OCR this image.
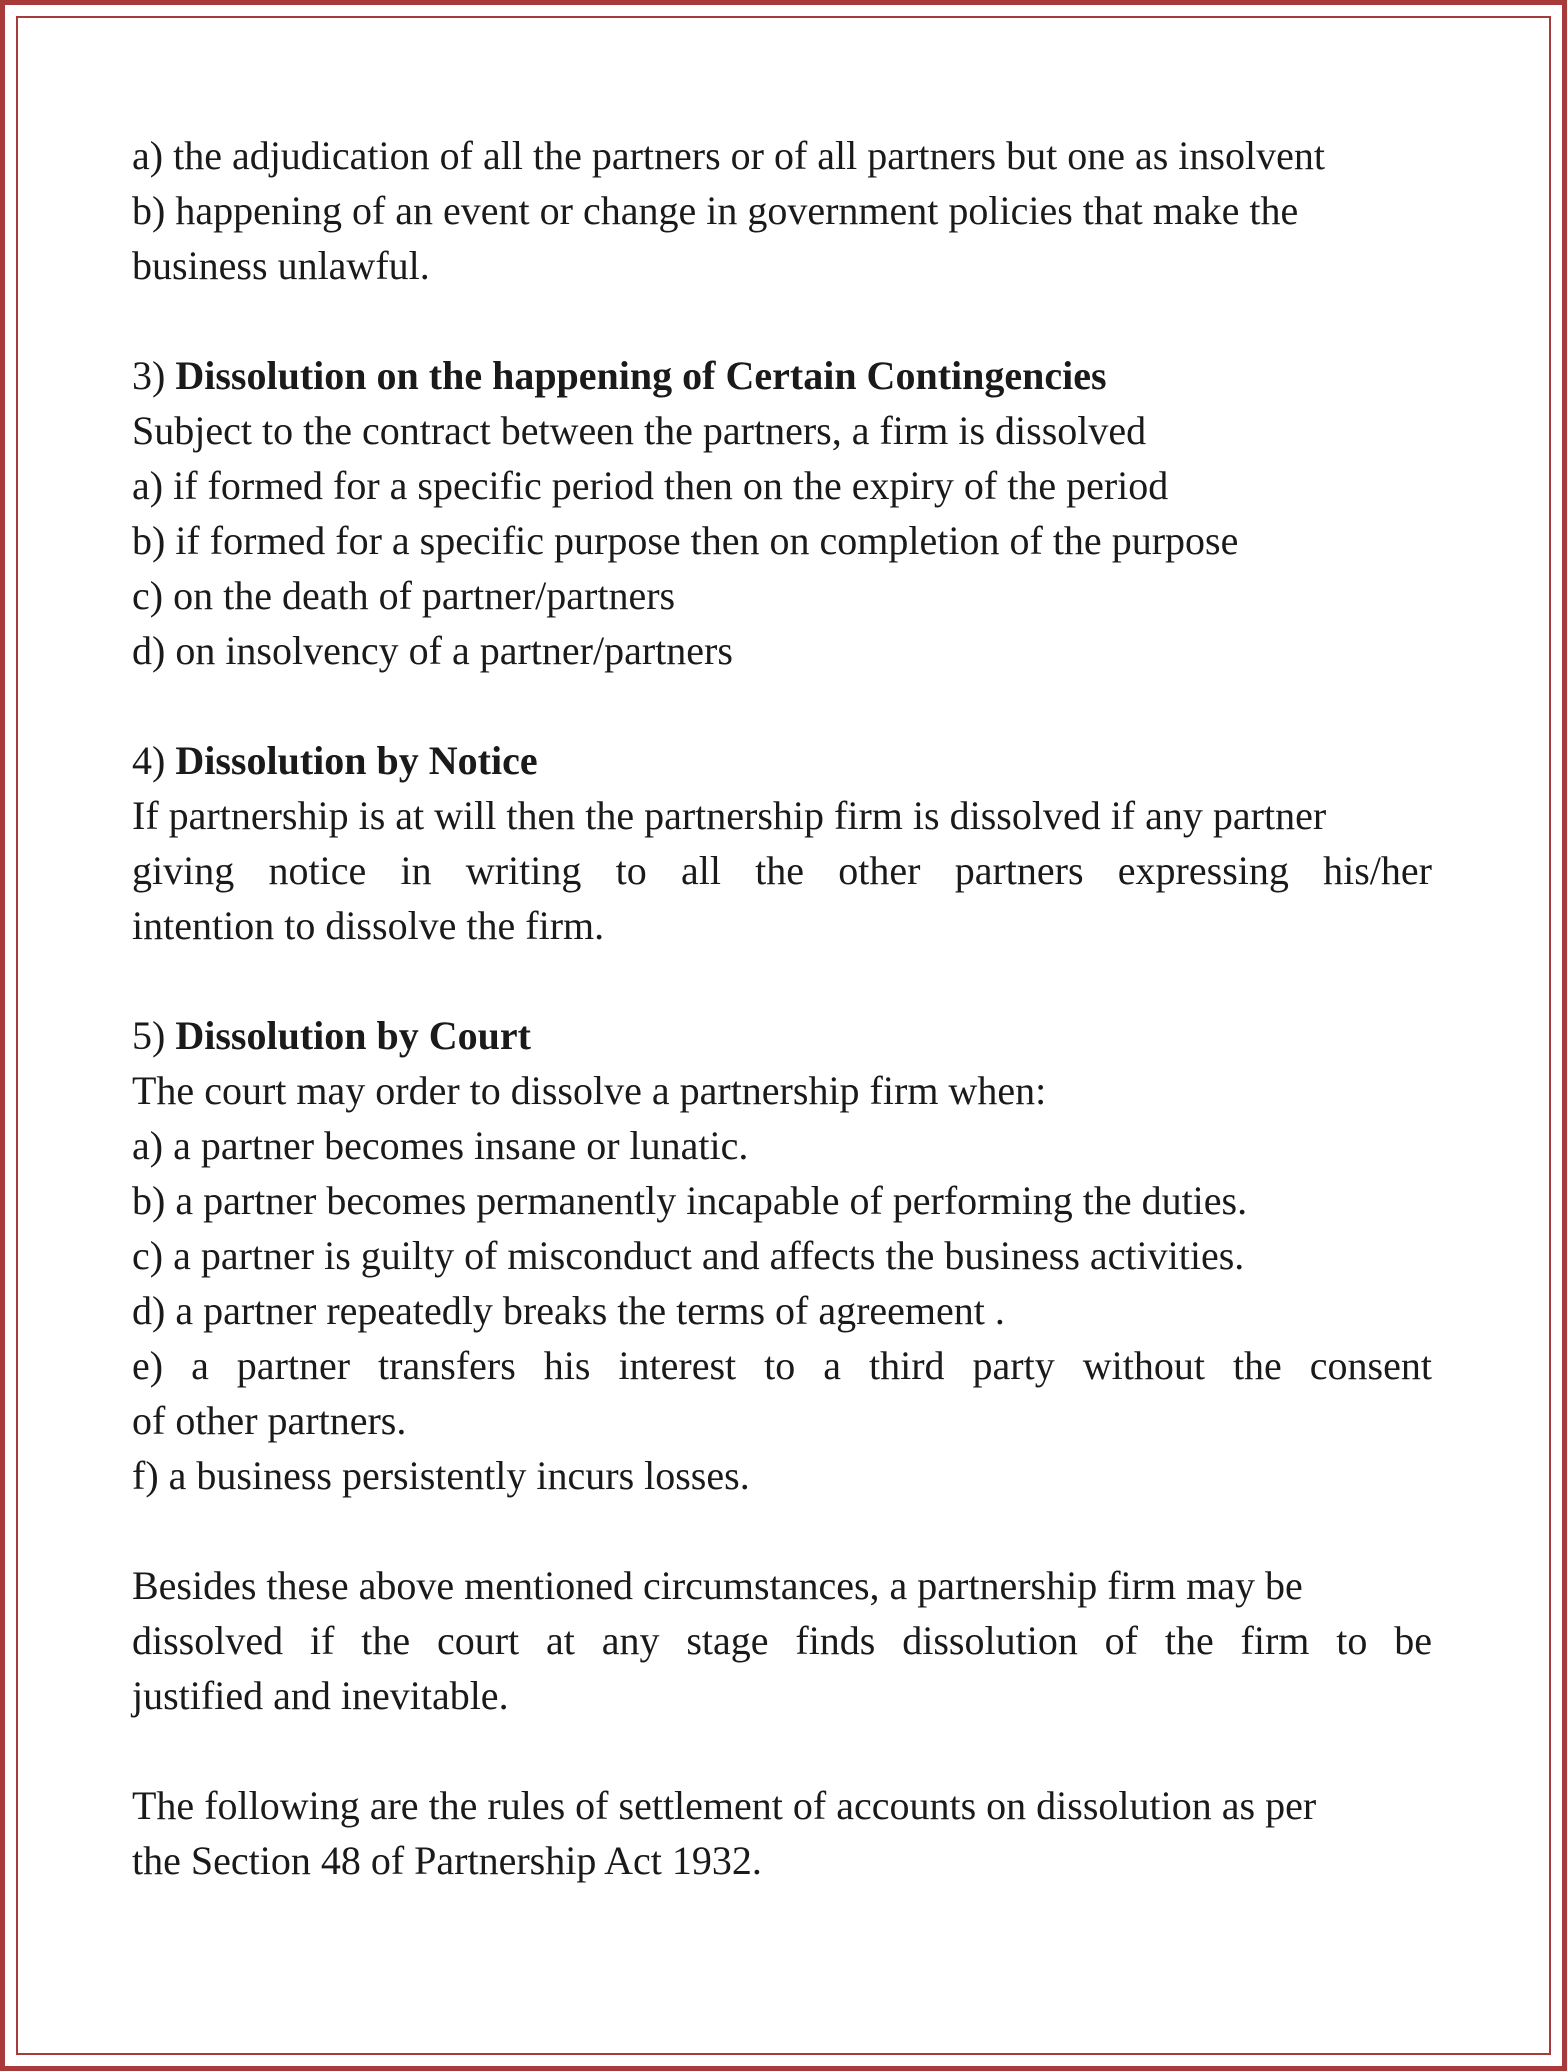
a) the adjudication of all the partners or of all partners but one as insolvent
b) happening of an event or change in government policies that make the
business unlawful.
3) Dissolution on the happening of Certain Contingencies
Subject to the contract between the partners, a firm is dissolved
a) if formed for a specific period then on the expiry of the period
b) if formed for a specific purpose then on completion of the purpose
c) on the death of partner/partners
d) on insolvency of a partner/partners
4) Dissolution by Notice
If partnership is at will then the partnership firm is dissolved if any partner
giving notice in writing to all the other partners expressing his/her
intention to dissolve the firm.
5) Dissolution by Court
The court may order to dissolve a partnership firm when:
a) a partner becomes insane or lunatic.
b) a partner becomes permanently incapable of performing the duties.
c) a partner is guilty of misconduct and affects the business activities.
d) a partner repeatedly breaks the terms of agreement .
e) a partner transfers his interest to a third party without the consent
of other partners.
f) a business persistently incurs losses.
Besides these above mentioned circumstances, a partnership firm may be
dissolved if the court at any stage finds dissolution of the firm to be
justified and inevitable.
The following are the rules of settlement of accounts on dissolution as per
the Section 48 of Partnership Act 1932.
